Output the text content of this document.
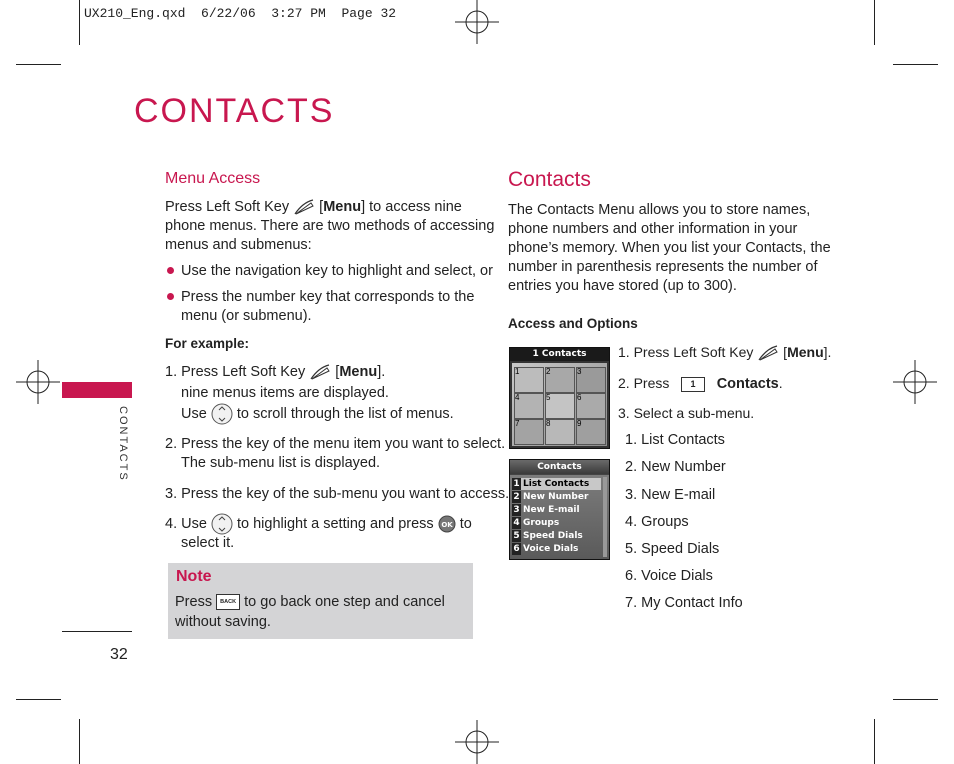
UX210_Eng.qxd  6/22/06  3:27 PM  Page 32
CONTACTS
CONTACTS
32
Menu Access
Press Left Soft Key  [Menu] to access nine
phone menus. There are two methods of accessing
menus and submenus:
Use the navigation key to highlight and select, or
Press the number key that corresponds to the
menu (or submenu).
For example:
1. Press Left Soft Key  [Menu].
nine menus items are displayed.
Use to scroll through the list of menus.
2. Press the key of the menu item you want to select.
The sub-menu list is displayed.
3. Press the key of the sub-menu you want to access.
4. Use to highlight a setting and press OK to
select it.
Note
Press BACK to go back one step and cancel
without saving.
Contacts
The Contacts Menu allows you to store names,
phone numbers and other information in your
phone’s memory. When you list your Contacts, the
number in parenthesis represents the number of
entries you have stored (up to 300).
Access and Options
1 Contacts
1	2	3
4	5	6
7	8	9
Contacts
1 List Contacts
2 New Number
3 New E-mail
4 Groups
5 Speed Dials
6 Voice Dials
1. Press Left Soft Key  [Menu].
2. Press 1 Contacts.
3. Select a sub-menu.
1. List Contacts
2. New Number
3. New E-mail
4. Groups
5. Speed Dials
6. Voice Dials
7. My Contact Info
